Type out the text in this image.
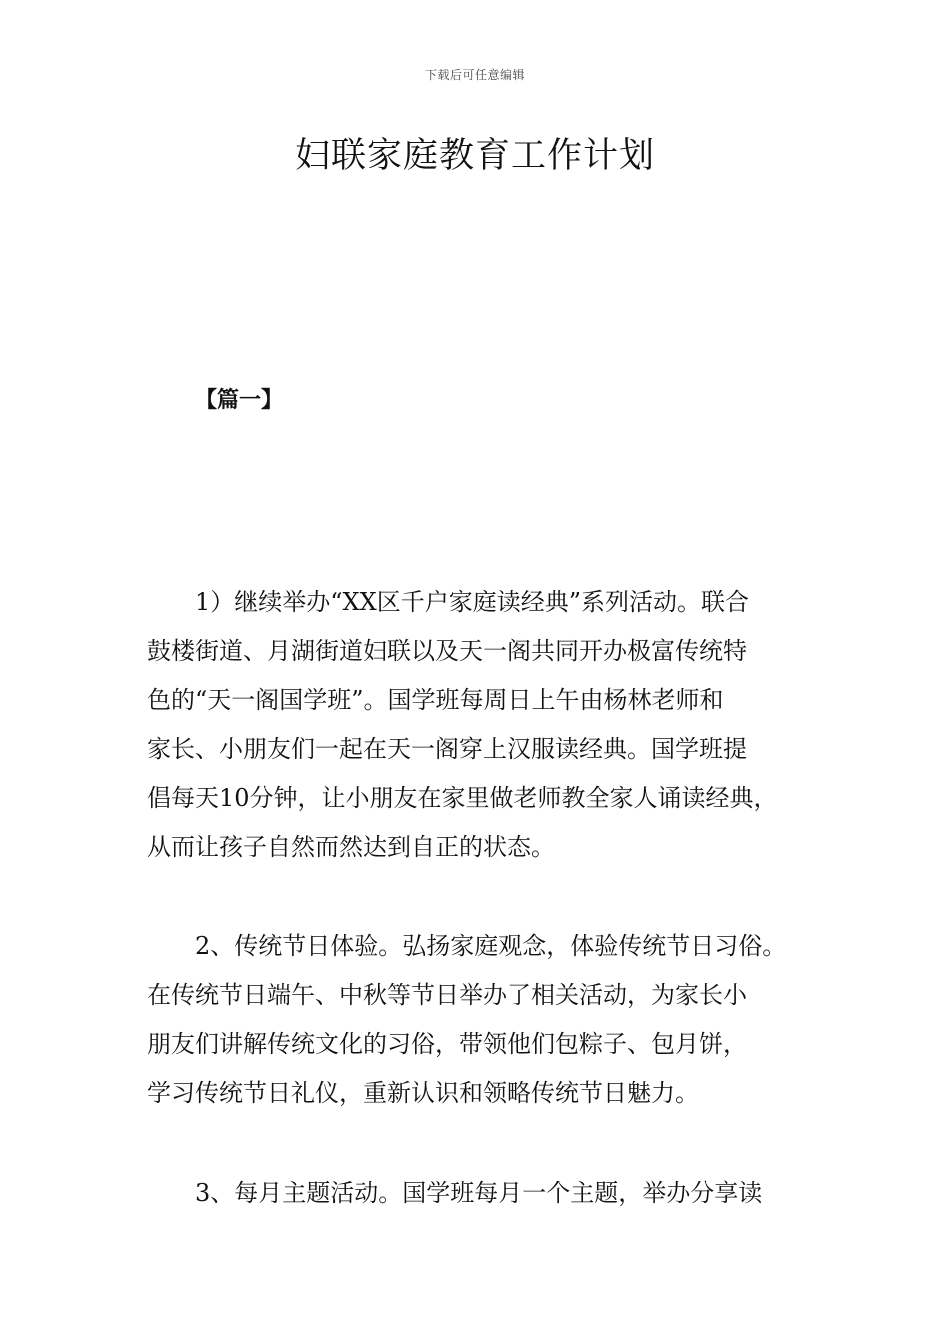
下载后可任意编辑
妇联家庭教育工作计划
【篇一】
1）继续举办“XX区千户家庭读经典”系列活动。联合
鼓楼街道、月湖街道妇联以及天一阁共同开办极富传统特
色的“天一阁国学班”。国学班每周日上午由杨林老师和
家长、小朋友们一起在天一阁穿上汉服读经典。国学班提
倡每天10分钟，让小朋友在家里做老师教全家人诵读经典，
从而让孩子自然而然达到自正的状态。
2、传统节日体验。弘扬家庭观念，体验传统节日习俗。
在传统节日端午、中秋等节日举办了相关活动，为家长小
朋友们讲解传统文化的习俗，带领他们包粽子、包月饼，
学习传统节日礼仪，重新认识和领略传统节日魅力。
3、每月主题活动。国学班每月一个主题，举办分享读
